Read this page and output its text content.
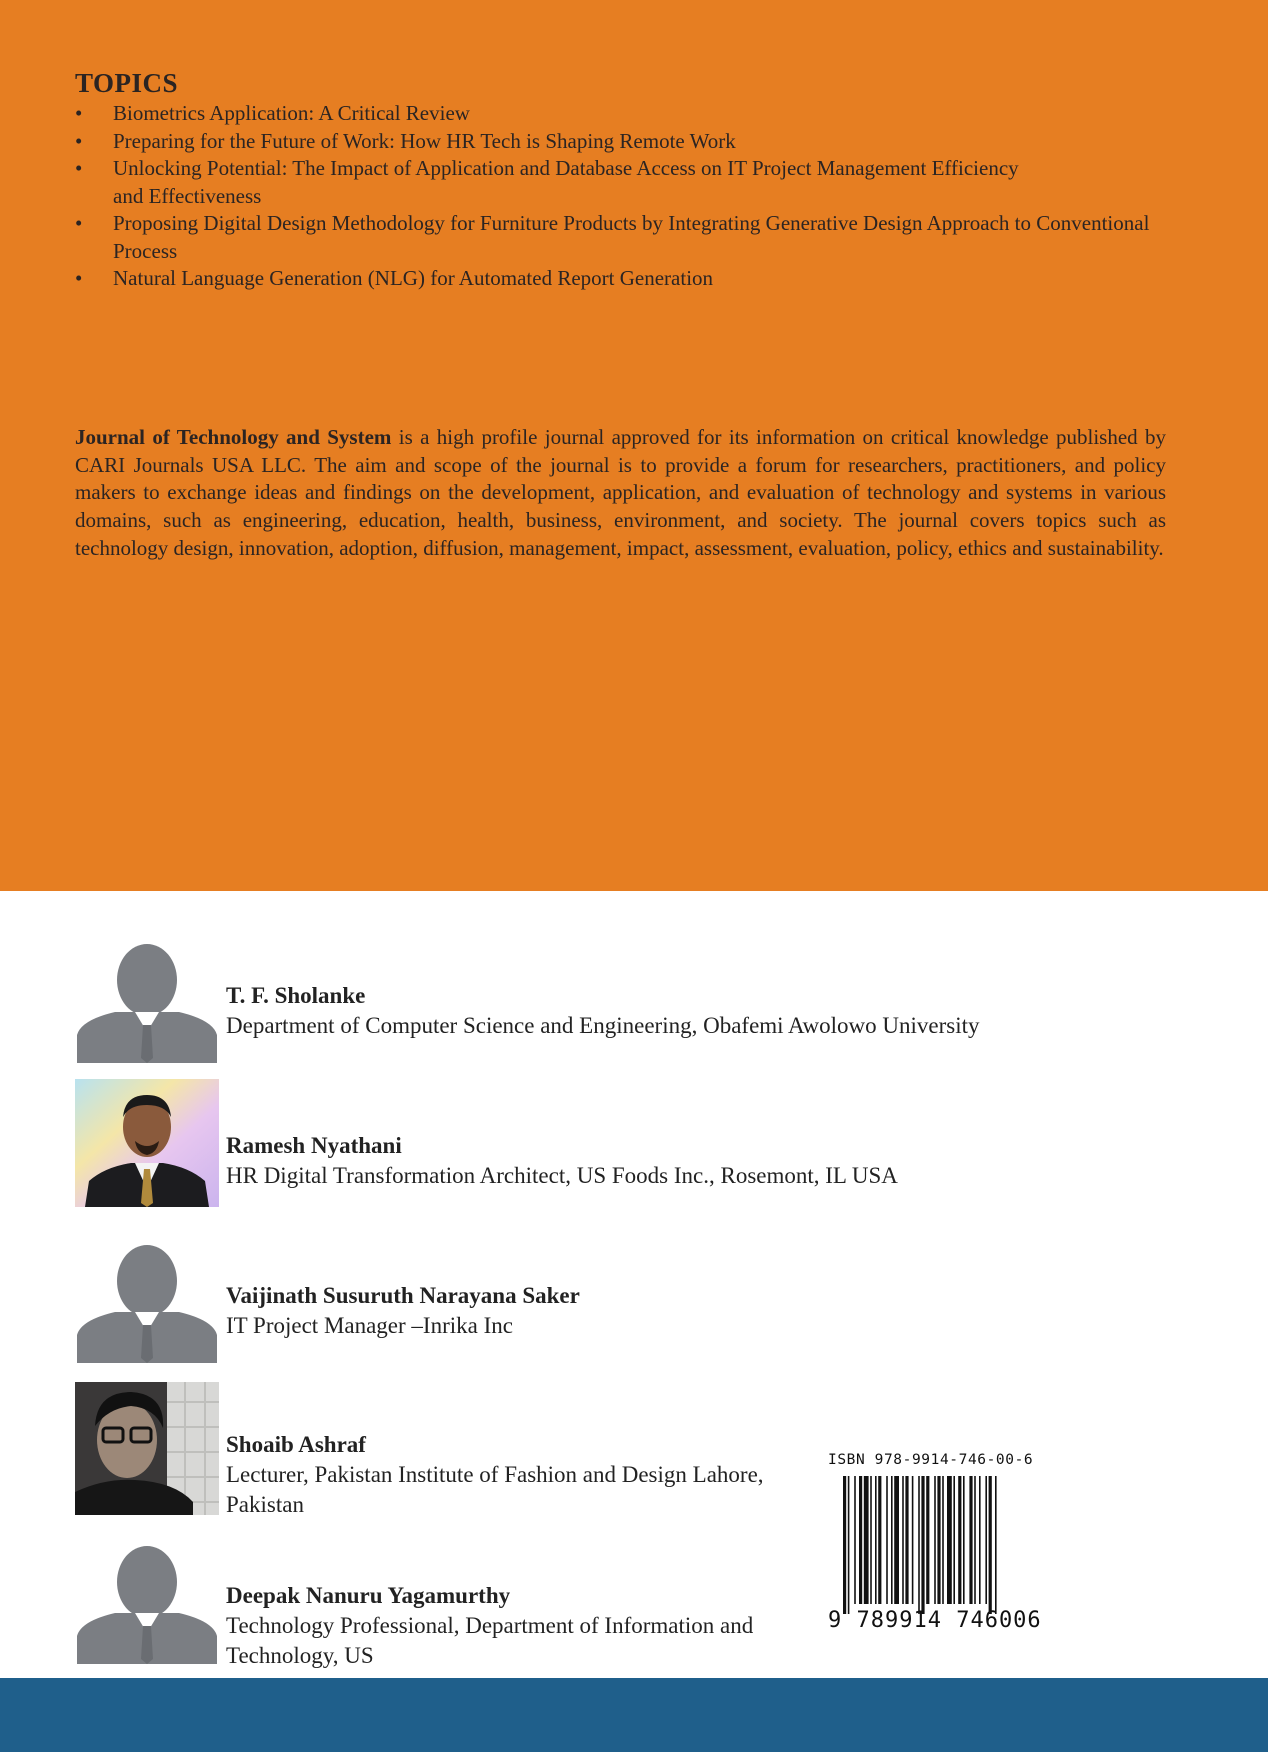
TOPICS
• Biometrics Application: A Critical Review
• Preparing for the Future of Work: How HR Tech is Shaping Remote Work
• Unlocking Potential: The Impact of Application and Database Access on IT Project Management Efficiency and Effectiveness
• Proposing Digital Design Methodology for Furniture Products by Integrating Generative Design Approach to Conventional Process
• Natural Language Generation (NLG) for Automated Report Generation

Journal of Technology and System is a high profile journal approved for its information on critical knowledge published by CARI Journals USA LLC. The aim and scope of the journal is to provide a forum for researchers, practitioners, and policy makers to exchange ideas and findings on the development, application, and evaluation of technology and systems in various domains, such as engineering, education, health, business, environment, and society. The journal covers topics such as technology design, innovation, adoption, diffusion, management, impact, assessment, evaluation, policy, ethics and sustainability.

T. F. Sholanke
Department of Computer Science and Engineering, Obafemi Awolowo University
Ramesh Nyathani
HR Digital Transformation Architect, US Foods Inc., Rosemont, IL USA
Vaijinath Susuruth Narayana Saker
IT Project Manager –Inrika Inc
Shoaib Ashraf
Lecturer, Pakistan Institute of Fashion and Design Lahore, Pakistan
Deepak Nanuru Yagamurthy
Technology Professional, Department of Information and Technology, US
ISBN 978-9914-746-00-6
9 789914 746006
